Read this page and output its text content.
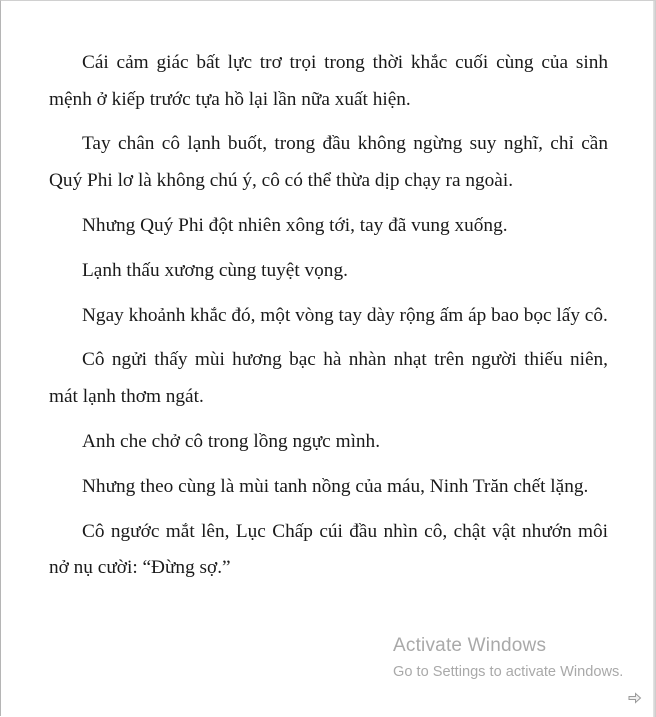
Cái cảm giác bất lực trơ trọi trong thời khắc cuối cùng của sinh mệnh ở kiếp trước tựa hồ lại lần nữa xuất hiện.

Tay chân cô lạnh buốt, trong đầu không ngừng suy nghĩ, chỉ cần Quý Phi lơ là không chú ý, cô có thể thừa dịp chạy ra ngoài.

Nhưng Quý Phi đột nhiên xông tới, tay đã vung xuống.

Lạnh thấu xương cùng tuyệt vọng.

Ngay khoảnh khắc đó, một vòng tay dày rộng ấm áp bao bọc lấy cô.

Cô ngửi thấy mùi hương bạc hà nhàn nhạt trên người thiếu niên, mát lạnh thơm ngát.

Anh che chở cô trong lồng ngực mình.

Nhưng theo cùng là mùi tanh nồng của máu, Ninh Trăn chết lặng.

Cô ngước mắt lên, Lục Chấp cúi đầu nhìn cô, chật vật nhướn môi nở nụ cười: “Đừng sợ.”

Activate Windows
Go to Settings to activate Windows.
